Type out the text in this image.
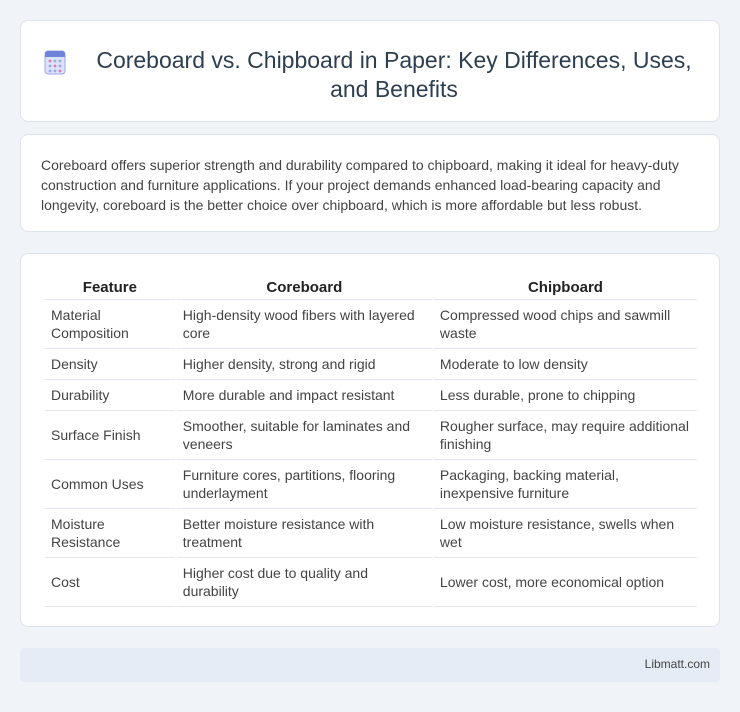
Coreboard vs. Chipboard in Paper: Key Differences, Uses, and Benefits

Coreboard offers superior strength and durability compared to chipboard, making it ideal for heavy-duty construction and furniture applications. If your project demands enhanced load-bearing capacity and longevity, coreboard is the better choice over chipboard, which is more affordable but less robust.

Feature	Coreboard	Chipboard
Material Composition	High-density wood fibers with layered core	Compressed wood chips and sawmill waste
Density	Higher density, strong and rigid	Moderate to low density
Durability	More durable and impact resistant	Less durable, prone to chipping
Surface Finish	Smoother, suitable for laminates and veneers	Rougher surface, may require additional finishing
Common Uses	Furniture cores, partitions, flooring underlayment	Packaging, backing material, inexpensive furniture
Moisture Resistance	Better moisture resistance with treatment	Low moisture resistance, swells when wet
Cost	Higher cost due to quality and durability	Lower cost, more economical option
Libmatt.com
